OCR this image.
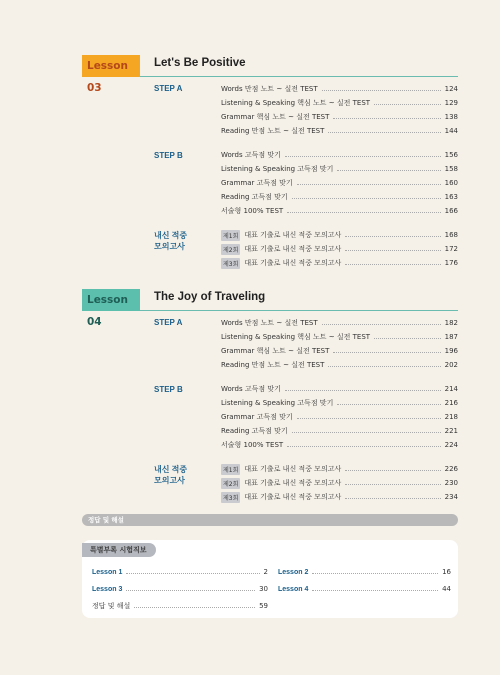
Lesson 03
Let's Be Positive
STEP A	Words 만점 노트 ~ 실전 TEST	124
Listening & Speaking 핵심 노트 ~ 실전 TEST	129
Grammar 핵심 노트 ~ 실전 TEST	138
Reading 만점 노트 ~ 실전 TEST	144
STEP B	Words 고득점 맞기	156
Listening & Speaking 고득점 맞기	158
Grammar 고득점 맞기	160
Reading 고득점 맞기	163
서술형 100% TEST	166
내신 적중
모의고사
제1회 대표 기출로 내신 적중 모의고사	168
제2회 대표 기출로 내신 적중 모의고사	172
제3회 대표 기출로 내신 적중 모의고사	176
Lesson 04
The Joy of Traveling
STEP A	Words 만점 노트 ~ 실전 TEST	182
Listening & Speaking 핵심 노트 ~ 실전 TEST	187
Grammar 핵심 노트 ~ 실전 TEST	196
Reading 만점 노트 ~ 실전 TEST	202
STEP B	Words 고득점 맞기	214
Listening & Speaking 고득점 맞기	216
Grammar 고득점 맞기	218
Reading 고득점 맞기	221
서술형 100% TEST	224
내신 적중
모의고사
제1회 대표 기출로 내신 적중 모의고사	226
제2회 대표 기출로 내신 적중 모의고사	230
제3회 대표 기출로 내신 적중 모의고사	234
정답 및 해설
특별부록 시험직보
Lesson 1	2
Lesson 3	30
정답 및 해설	59
Lesson 2	16
Lesson 4	44
